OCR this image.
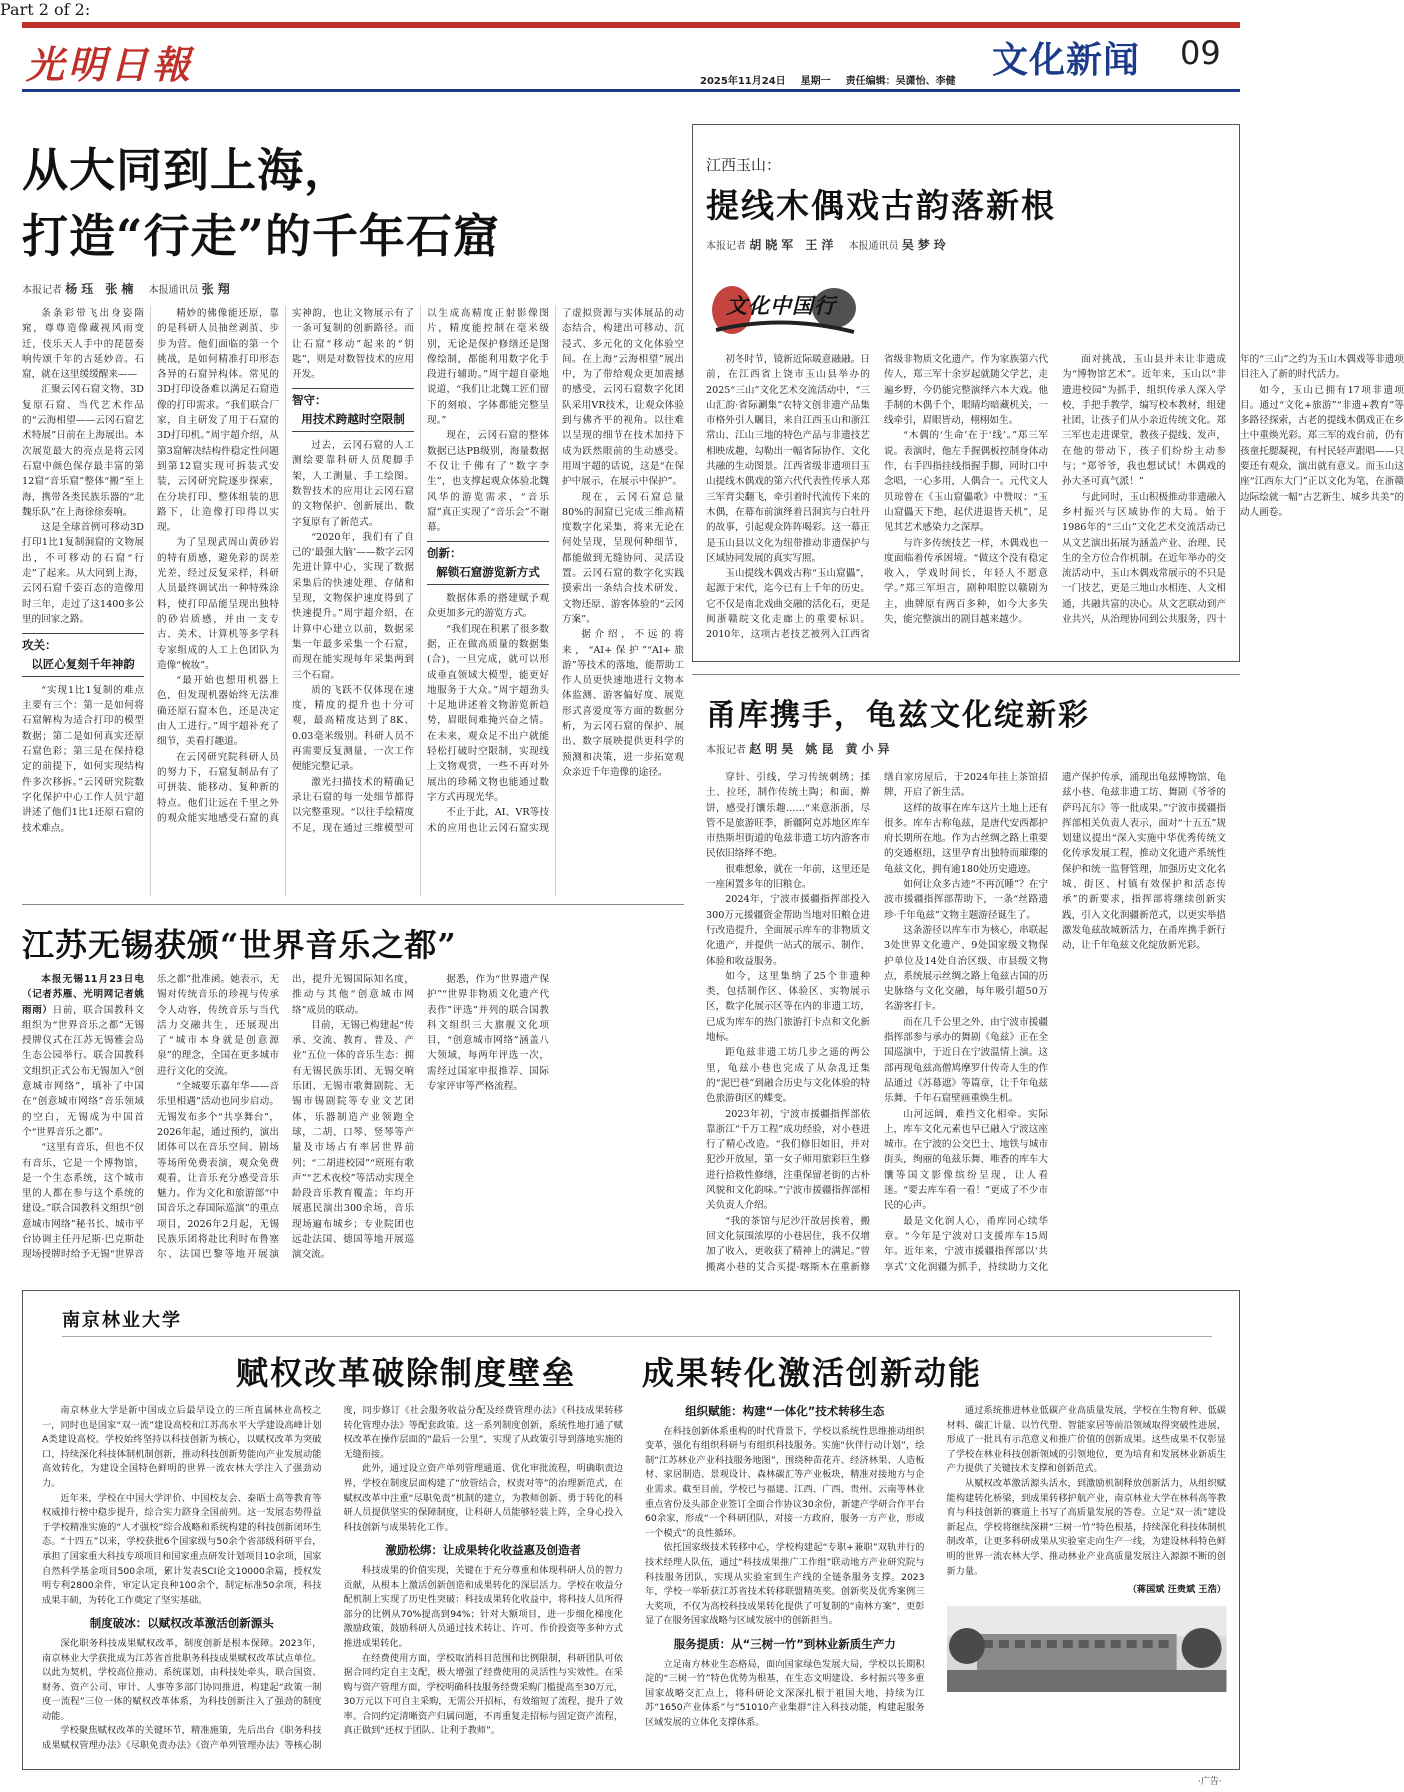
光明日報	2025年11月24日 星期一 责任编辑：吴潇怡、李健
文化新闻 09
从大同到上海，
打造“行走”的千年石窟
本报记者 杨珏 张楠 本报通讯员 张翔

条条彩带飞出身姿隋窕，尊尊造像藏视风雨变迁，伎乐天人手中的琵琶奏响传颂千年的古延妙音。石窟，就在这里缓缓醒来——

汇聚云冈石窟文物、3D复原石窟、当代艺术作品的“云海相望——云冈石窟艺术特展”日前在上海展出。本次展览最大的亮点是将云冈石窟中颜色保存最丰富的第12窟“音乐窟”整体“搬”至上海，携带各类民族乐器的“北魏乐队”在上海徐徐奏响。

这是全球首例可移动3D打印1比1复制洞窟的文物展出，不可移动的石窟“行走”了起来。从大同到上海，云冈石窟千姿百态的造像用时三年，走过了这1400多公里的回家之路。

攻关：
以匠心复刻千年神韵

“实现1比1复制的难点主要有三个：第一是如何将石窟解构为适合打印的模型数据；第二是如何真实还原石窟色彩；第三是在保持稳定的前提下，如何实现结构件多次移拆。”云冈研究院数字化保护中心工作人员宁超讲述了他们1比1还原石窟的技术难点。

精妙的佛像能还原，靠的是科研人员抽丝剥茧、步步为营。他们面临的第一个挑战，是如何精准打印形态各异的石窟异构体。常见的3D打印设备难以满足石窟造像的打印需求。“我们联合厂家，自主研发了用于石窟的3D打印机。”周宇超介绍，从第3窟解决结构件稳定性问题到第12窟实现可拆装式安装，云冈研究院逐步探索，在分块打印、整体组装的思路下，让造像打印得以实现。

为了呈现武周山黄砂岩的特有质感，避免彩的误差光差，经过反复采样，科研人员最终调试出一种特殊涂料，使打印品能呈现出独特的砂岩质感，并由一支专古、美术、计算机等多学科专家组成的人工上色团队为造像“梳妆”。

“最开始也想用机器上色，但发现机器始终无法准确还原石窟本色，还是决定由人工进行。”周宇超补充了细节，美看打趣道。

在云冈研究院科研人员的努力下，石窟复制品有了可拼装、能移动、复种新的特点。他们让远在千里之外的观众能实地感受石窟的真实神韵，也让文物展示有了一条可复制的创新路径。而让石窟“移动”起来的“钥匙”，则是对数智技术的应用开发。

智守：
用技术跨越时空限制

过去，云冈石窟的人工测绘要靠科研人员爬脚手架，人工测量、手工绘图。数智技术的应用让云冈石窟的文物保护、创新展出、数字复原有了新范式。

“2020年，我们有了自己的‘最强大脑’——数字云冈先进计算中心，实现了数据采集后的快速处理、存储和呈现，文物保护速度得到了快速提升。”周宇超介绍，在计算中心建立以前，数据采集一年最多采集一个石窟，而现在能实现每年采集两到三个石窟。

质的飞跃不仅体现在速度，精度的提升也十分可观，最高精度达到了8K、0.03毫米级别。科研人员不再需要反复测量，一次工作便能完整记录。

激光扫描技术的精确记录让石窟的每一处细节都得以完整重现。“以往手绘精度不足，现在通过三维模型可以生成高精度正射影像图片，精度能控制在毫米级别，无论是保护修缮还是图像绘制，都能利用数字化手段进行辅助。”周宇超自豪地说道，“我们让北魏工匠们留下的刻痕、字体都能完整呈现。”

现在，云冈石窟的整体数据已达PB级别，海量数据不仅让千佛有了“数字李生”，也支撑起观众体验北魏风华的游览需求，“音乐窟”真正实现了“音乐会”不谢幕。

创新：
解锁石窟游览新方式

数据体系的搭建赋予观众更加多元的游览方式。

“我们现在积累了很多数据，正在做高质量的数据集(合)，一旦完成，就可以形成垂直领域大模型，能更好地服务于大众。”周宇超劲头十足地讲述着文物游览新趋势，眉眼间难掩兴奋之情。在未来，观众足不出户就能轻松打破时空限制，实现线上文物观赏，一些不再对外展出的珍稀文物也能通过数字方式再现光华。

不止于此，AI、VR等技术的应用也让云冈石窟实现了虚拟资源与实体展品的动态结合，构建出可移动、沉浸式、多元化的文化体验空间。在上海“云海相望”展出中，为了带给观众更加震撼的感受，云冈石窟数字化团队采用VR技术，让观众体验到与佛齐平的视角。以往难以呈现的细节在技术加持下成为跃然眼前的生动感受。用周宇超的话说，这是“在保护中展示，在展示中保护”。

现在，云冈石窟总量80%的洞窟已完成三维高精度数字化采集，将来无论在何处呈现，呈现何种细节，都能做到无缝协同、灵活设置。云冈石窟的数字化实践摸索出一条结合技术研发、文物还原、游客体验的“云冈方案”。

据介绍，不远的将来，“AI+保护”“AI+旅游”等技术的落地，能帮助工作人员更快速地进行文物本体监测、游客偏好度、展览形式喜爱度等方面的数据分析，为云冈石窟的保护、展出、数字展映提供更科学的预测和决策，进一步拓宽观众亲近千年造像的途径。

江西玉山：
提线木偶戏古韵落新根
本报记者 胡晓军 王洋 本报通讯员 吴梦玲
文化中国行

初冬时节，镜新近际暖意融融。日前，在江西省上饶市玉山县举办的2025“三山”文化艺术交流活动中，“三山汇韵·省际涮集”农特文创非遗产品集市格外引人瞩目，来自江西玉山和浙江常山、江山三地的特色产品与非遗技艺相映成趣，勾勒出一幅省际协作、文化共融的生动图景。江西省级非遗项目玉山提线木偶戏的第六代代表性传承人郑三军背尖翻飞，牵引着时代流传下来的木偶，在幕布前演绎着吕洞宾与白牡丹的故事，引起观众阵阵喝彩。这一幕正是玉山县以文化为纽带推动非遗保护与区域协同发展的真实写照。

玉山提线木偶戏古称“玉山窟儡”，起源于宋代，迄今已有上千年的历史。它不仅是南北戏曲交融的活化石，更是闽浙赣皖文化走廊上的重要标识。2010年，这项古老技艺被列入江西省省级非物质文化遗产。作为家族第六代传人，郑三军十余岁起就随父学艺，走遍乡野，今仍能完整演绎六本大戏。他手制的木偶千个，眼睛均暗藏机关，一线牵引，眉眼皆动，栩栩如生。

“木偶的‘生命’在于‘线’。”郑三军说。表演时，他左手握偶板控制身体动作，右手四指挂线指握手脚，同时口中念唱，一心多用，人偶合一。元代文人贝琼曾在《玉山窟儡歌》中赞叹：“玉山窟儡天下绝，起伏进退皆天机”，足见其艺术感染力之深厚。

与许多传统技艺一样，木偶戏也一度面临着传承困境。“做这个没有稳定收入，学戏时间长，年轻人不愿意学。”郑三军坦言，剧种唱腔以赣剧为主，曲牌原有两百多种，如今大多失失，能完整演出的剧目越来越少。

面对挑战，玉山县并未让非遗成为“博物馆艺术”。近年来，玉山以“非遗进校园”为抓手，组织传承人深入学校，手把手教学，编写校本教材，组建社团，让孩子们从小亲近传统文化。郑三军也走进课堂，教孩子提线、发声，在他的带动下，孩子们纷纷主动参与；“郑爷爷，我也想试试！木偶戏的孙大圣可真气派！”

与此同时，玉山积极推动非遗融入乡村振兴与区域协作的大局。始于1986年的“三山”文化艺术交流活动已从文艺演出拓展为涵盖产业、治理、民生的全方位合作机制。在近年举办的交流活动中，玉山木偶戏常展示的不只是一门技艺，更是三地山水相连、人文相通，共融共富的决心。从文艺联动到产业共兴，从治理协同到公共服务，四十年的“三山”之约为玉山木偶戏等非遗项目注入了新的时代活力。

如今，玉山已拥有17项非遗项目。通过“文化+旅游”“非遗+教育”等多路径探索，古老的提线木偶戏正在乡土中重焕光彩。郑三军的戏台前，仍有孩童托腮凝视，有村民轻声跟唱——只要还有观众，演出就有意义。而玉山这座“江西东大门”正以文化为笔，在浙赣边际绘就一幅“古艺新生、城乡共美”的动人画卷。

Part 2 of 2:
甬库携手，龟兹文化绽新彩
本报记者 赵明昊 姚昆 黄小异

穿针、引线，学习传统刺绣；揉土、拉坯，制作传统土陶；和面、擀饼，感受打馕乐趣……“来意浙浙，尽管不是旅游旺季，新疆阿克苏地区库车市热斯坦街道的龟兹非遗工坊内游客市民依旧络绎不绝。

很难想象，就在一年前，这里还是一座闲置多年的旧粮仓。

2024年，宁波市援疆指挥部投入300万元援疆资金帮助当地对旧粮仓进行改造提升，全面展示库车的非物质文化遗产，并提供一站式的展示、制作、体验和收益服务。

如今，这里集纳了25个非遗种类，包括制作区、体验区、实物展示区，数字化展示区等在内的非遗工坊，已成为库车的热门旅游打卡点和文化新地标。

距龟兹非遗工坊几步之遥的两公里，龟兹小巷也完成了从杂乱迁集的“泥巴巷”到融合历史与文化体验的特色旅游街区的蝶变。

2023年初，宁波市援疆指挥部依靠浙江“千万工程”成功经验，对小巷进行了精心改造。“我们修旧如旧，并对犯沙开放屋，第一女子师用旅彩巨生修进行拾救性修缮，注重保留老街的古朴风貌和文化韵味。”宁波市援疆指挥部相关负责人介绍。

“我的茶馆与尼沙汗故居挨着，搬回文化氛围浓厚的小巷居住，我不仅增加了收入，更收获了精神上的满足。”曾搬离小巷的艾合买提·喀斯木在重新修缮自家房屋后，于2024年挂上茶馆招牌，开启了新生活。

这样的故事在库车这片土地上还有很多。库车古称龟兹，是唐代安西都护府长期所在地。作为古丝绸之路上重要的交通枢纽，这里孕育出独特而璀璨的龟兹文化，拥有逾180处历史遗迹。

如何让众多古迹“不再沉睡”？在宁波市援疆指挥部帮助下，一条“丝路遗珍·千年龟兹”文物主题游径诞生了。

这条游径以库车市为核心，串联起3处世界文化遗产、9处国家级文物保护单位及14处自治区级、市县级文物点，系统展示丝绸之路上龟兹古国的历史脉络与文化交融，每年吸引超50万名游客打卡。

而在几千公里之外，由宁波市援疆指挥部参与承办的舞剧《龟兹》正在全国巡演中，于近日在宁波温情上演。这部再现龟兹高僧鸠摩罗什传奇人生的作品通过《苏幕遮》等篇章，让千年龟兹乐舞、千年石窟壁画重焕生机。

山河远阔，难挡文化相牵。实际上，库车文化元素也早已融入宁波这座城市。在宁波的公交巴士、地铁与城市街头，绚丽的龟兹乐舞、唯香的库车大馕等国文影像缤纷呈现，让人看迷。“要去库车看一看！”更成了不少市民的心声。

最是文化润人心，甬库同心续华章。“今年是宁波对口支援库车15周年。近年来，宁波市援疆指挥部以‘共享式’文化润疆为抓手，持续助力文化遗产保护传承，涌现出龟兹博物馆、龟兹小巷、龟兹非遗工坊、舞剧《爷爷的萨玛瓦尔》等一批成果。”宁波市援疆指挥部相关负责人表示，面对“十五五”规划建议提出“深入实施中华优秀传统文化传承发展工程，推动文化遗产系统性保护和统一监督管理，加强历史文化名城、街区、村镇有效保护和活态传承”的新要求，指挥部将继续创新实践，引入文化润疆新范式，以更实举措激发龟兹故城新活力，在甬库携手新行动，让千年龟兹文化绽放新光彩。

江苏无锡获颁“世界音乐之都”

本报无锡11月23日电（记者苏雁、光明网记者姚雨雨）日前，联合国教科文组织为“世界音乐之都”无锡授牌仪式在江苏无锡雅会岛生态公园举行。联合国教科文组织正式公布无锡加入“创意城市网络”，填补了中国在“创意城市网络”音乐领域的空白，无锡成为中国首个“世界音乐之都”。

“这里有音乐，但也不仅有音乐，它是一个博物馆，是一个生态系统，这个城市里的人都在参与这个系统的建设。”联合国教科文组织“创意城市网络”秘书长、城市平台协调主任丹尼斯·巴克斯赴现场授牌时给予无锡“世界音乐之都”批准函。她表示，无锡对传统音乐的珍视与传承令人动容，传统音乐与当代活力交融共生，还展现出了“城市本身就是创意源泉”的理念，全国在更多城市进行文化的交流。

“全城要乐嘉年华——音乐里相遇”活动也同步启动。无锡发布多个“共享舞台”，2026年起，通过预约，演出团体可以在音乐空间、剧场等场所免费表演，观众免费观看，让音乐充分感受音乐魅力。作为文化和旅游部“中国音乐之春国际巡演”的重点项目，2026年2月起，无锡民族乐团将赴比利时布鲁塞尔、法国巴黎等地开展演出，提升无锡国际知名度，推动与其他“创意城市网络”成员的联动。

目前，无锡已构建起“传承、交流、教育、普及、产业”五位一体的音乐生态：拥有无锡民族乐团、无锡交响乐团、无锡市歌舞剧院、无锡市锡剧院等专业文艺团体，乐器制造产业领跑全球，二胡、口琴、竖琴等产量及市场占有率居世界前列；“二胡进校园”“班班有歌声”“艺术夜校”等活动实现全龄段音乐教育覆盖；年均开展惠民演出300余场，音乐现场遍布城乡；专业院团也远赴法国、德国等地开展巡演交流。

据悉，作为“世界遗产保护”“世界非物质文化遗产代表作”评选”并列的联合国教科文组织三大旗舰文化项目，“创意城市网络”涵盖八大领域，每两年评选一次，需经过国家申报推荐、国际专家评审等严格流程。

南京林业大学
赋权改革破除制度壁垒 成果转化激活创新动能

南京林业大学是新中国成立后最早设立的三所直属林业高校之一，同时也是国家“双一流”建设高校和江苏高水平大学建设高峰计划A类建设高校。学校始终坚持以科技创新为核心，以赋权改革为突破口，持续深化科技体制机制创新，推动科技创新势能向产业发展动能高效转化，为建设全国特色鲜明的世界一流农林大学注入了强劲动力。

近年来，学校在中国大学评价、中国校友会、泰晤士高等教育等权威排行榜中稳步提升，综合实力跻身全国前列。这一发展态势得益于学校精准实施的“人才强校”综合战略和系统构建的科技创新闭环生态。“十四五”以来，学校获批6个国家级与50余个省部级科研平台，承担了国家重大科技专项项目和国家重点研发计划项目10余项，国家自然科学基金项目500余项，累计发表SCI论文10000余篇，授权发明专利2800余件，审定认定良种100余个，制定标准50余项，科技成果丰硕，为转化工作奠定了坚实基础。

制度破冰：以赋权改革激活创新源头

深化职务科技成果赋权改革，制度创新是根本保障。2023年，南京林业大学获批成为江苏省首批职务科技成果赋权改革试点单位。以此为契机，学校高位推动、系统谋划，由科技处牵头，联合国资、财务、资产公司、审计、人事等多部门协同推进，构建起“政策一制度一流程”三位一体的赋权改革体系，为科技创新注入了强劲的制度动能。

学校聚焦赋权改革的关键环节，精准施策，先后出台《职务科技成果赋权管理办法》《尽职免责办法》《资产单列管理办法》等核心制度，同步修订《社会服务收益分配及经费管理办法》《科技成果转移转化管理办法》等配套政策。这一系列制度创新，系统性地打通了赋权改革在操作层面的“最后一公里”，实现了从政策引导到落地实施的无缝衔接。

此外，通过设立资产单列管理通道、优化审批流程，明确职责边界，学校在制度层面构建了“放管结合，权责对等”的治理新范式，在赋权改革中注重“尽职免责”机制的建立，为教师创新、勇于转化的科研人员提供坚实的保障制度，让科研人员能够轻装上阵，全身心投入科技创新与成果转化工作。

激励松绑：让成果转化收益惠及创造者

科技成果的价值实现，关键在于充分尊重和体现科研人员的智力贡献，从根本上激活创新创造和成果转化的深层活力。学校在收益分配机制上实现了历史性突破：科技成果转化收益中，将科技人员所得部分的比例从70%提高到94%；针对大额项目，进一步细化梯度化激励政策，鼓励科研人员通过技术转让、许可、作价投资等多种方式推进成果转化。

在经费使用方面，学校取消科目范围和比例限制，科研团队可依据合同约定自主支配，极大增强了经费使用的灵活性与实效性。在采购与资产管理方面，学校明确科技服务经费采购门槛提高至30万元，30万元以下可自主采购，无需公开招标，有效缩短了流程，提升了效率。合同约定清晰资产归属问题，不再重复走招标与固定资产流程，真正做到“还权于团队、让利于教师”。

组织赋能：构建“一体化”技术转移生态

在科技创新体系重构的时代背景下，学校以系统性思维推动组织变革，强化有组织科研与有组织科技服务。实施“伙伴行动计划”，绘制“江苏林业产业科技服务地图”，围绕种苗花卉、经济林果、人造板材、家居制造、景观设计、森林碳汇等产业板块，精准对接地方与企业需求。截至目前，学校已与福建、江西、广西、贵州、云南等林业重点省份及头部企业签订全面合作协议30余份，新建产学研合作平台60余家，形成“一个科研团队，对接一方政府，服务一方产业，形成一个模式”的良性循环。

依托国家级技术转移中心，学校构建起“专职+兼职”双轨并行的技术经理人队伍，通过“科技成果推广工作组”联动地方产业研究院与科技服务团队，实现从实验室到生产线的全链条服务支撑。2023年，学校一举斩获江苏省技术转移联盟精英奖。创新奖及优秀案例三大奖项，不仅为高校科技成果转化提供了可复制的“南林方案”，更彰显了在服务国家战略与区域发展中的创新担当。

服务提质：从“三树一竹”到林业新质生产力

立足南方林业生态格局，面向国家绿色发展大局，学校以长期积淀的“三树一竹”特色优势为根基，在生态文明建设、乡村振兴等多重国家战略交汇点上，将科研论文深深扎根于祖国大地，持续为江苏“1650产业体系”与“51010产业集群”注入科技动能，构建起服务区域发展的立体化支撑体系。

通过系统推进林业低碳产业高质量发展，学校在生物育种、低碳材料、碳汇计量、以竹代塑、智能家居等前沿领域取得突破性进展，形成了一批具有示范意义和推广价值的创新成果。这些成果不仅彰显了学校在林业科技创新领域的引领地位，更为培育和发展林业新质生产力提供了关键技术支撑和创新范式。

从赋权改革激活源头活水，到激励机制释放创新活力，从组织赋能构建转化桥梁，到成果转移护航产业，南京林业大学在林科高等教育与科技创新的赛道上书写了高质量发展的答卷。立足“双一流”建设新起点，学校将继续深耕“三树一竹”特色根基，持续深化科技体制机制改革，让更多科研成果从实验室走向生产一线，为建设林科特色鲜明的世界一流农林大学、推动林业产业高质量发展注入源源不断的创新力量。

（蒋国斌 汪贵斌 王浩）
·广告·
